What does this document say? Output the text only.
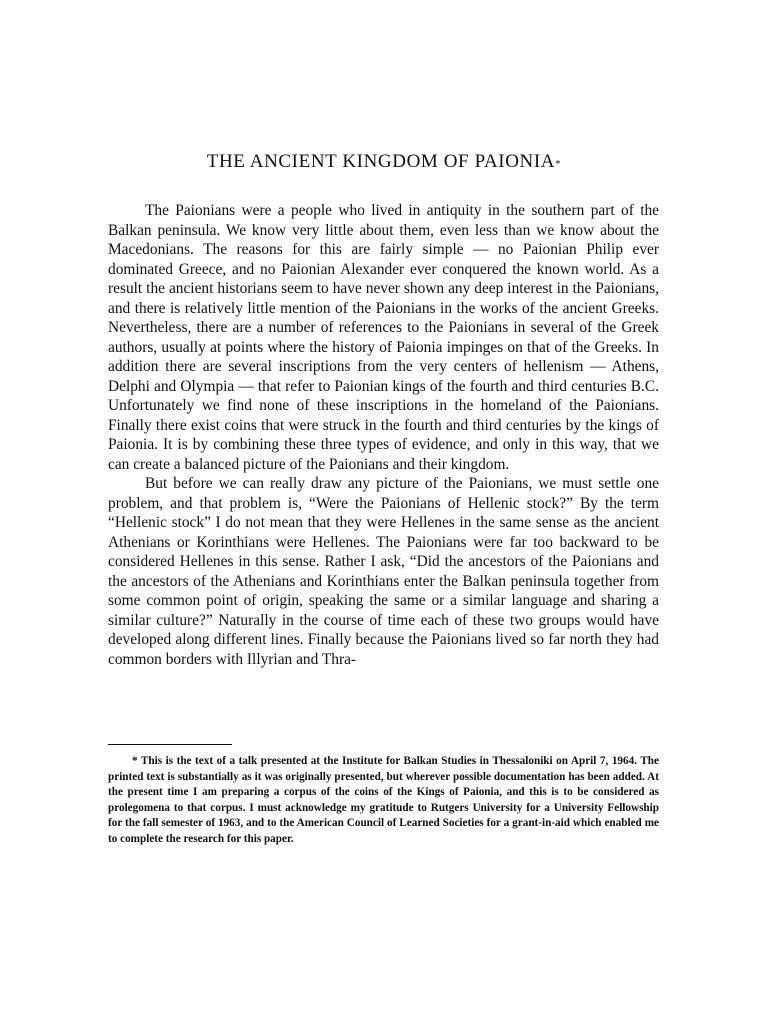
THE ANCIENT KINGDOM OF PAIONIA*

The Paionians were a people who lived in antiquity in the southern part of the Balkan peninsula. We know very little about them, even less than we know about the Macedonians. The reasons for this are fairly simple — no Paionian Philip ever dominated Greece, and no Paionian Alexander ever conquered the known world. As a result the ancient historians seem to have never shown any deep interest in the Paionians, and there is relatively little mention of the Paionians in the works of the ancient Greeks. Nevertheless, there are a number of references to the Paionians in several of the Greek authors, usually at points where the history of Paionia impinges on that of the Greeks. In addition there are several inscriptions from the very centers of hellenism — Athens, Delphi and Olympia — that refer to Paionian kings of the fourth and third centuries B.C. Unfortunately we find none of these inscriptions in the homeland of the Paionians. Finally there exist coins that were struck in the fourth and third centuries by the kings of Paionia. It is by combining these three types of evidence, and only in this way, that we can create a balanced picture of the Paionians and their kingdom.

But before we can really draw any picture of the Paionians, we must settle one problem, and that problem is, “Were the Paionians of Hellenic stock?” By the term “Hellenic stock” I do not mean that they were Hellenes in the same sense as the ancient Athenians or Korinthians were Hellenes. The Paionians were far too backward to be considered Hellenes in this sense. Rather I ask, “Did the ancestors of the Paionians and the ancestors of the Athenians and Korinthians enter the Balkan peninsula together from some common point of origin, speaking the same or a similar language and sharing a similar culture?” Naturally in the course of time each of these two groups would have developed along different lines. Finally because the Paionians lived so far north they had common borders with Illyrian and Thra-

* This is the text of a talk presented at the Institute for Balkan Studies in Thessaloniki on April 7, 1964. The printed text is substantially as it was originally presented, but wherever possible documentation has been added. At the present time I am preparing a corpus of the coins of the Kings of Paionia, and this is to be considered as prolegomena to that corpus. I must acknowledge my gratitude to Rutgers University for a University Fellowship for the fall semester of 1963, and to the American Council of Learned Societies for a grant-in-aid which enabled me to complete the research for this paper.
